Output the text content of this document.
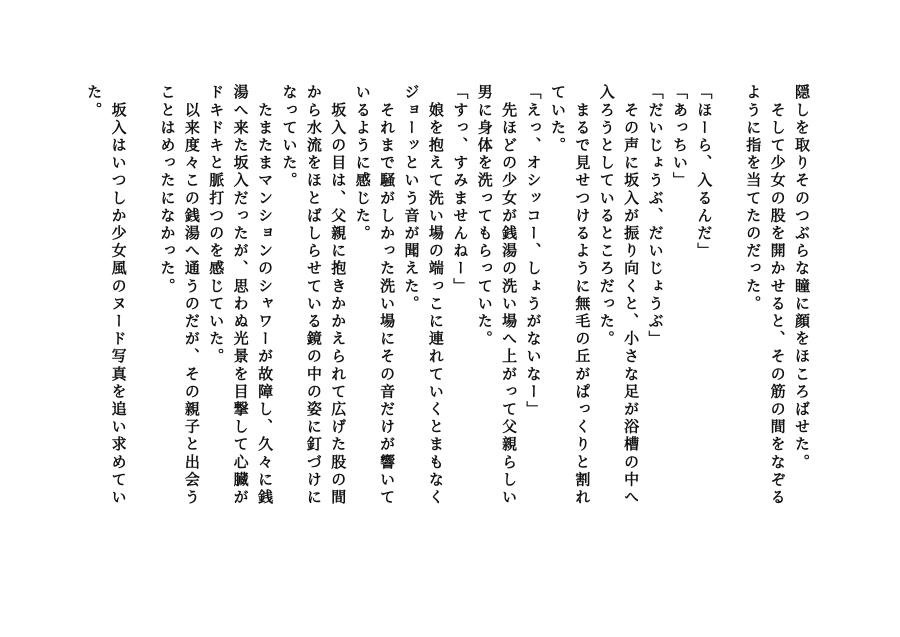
隠しを取りそのつぶらな瞳に顔をほころばせた。
　そして少女の股を開かせると、その筋の間をなぞる
ように指を当てたのだった。
「ほーら、入るんだ」
「あっちい」
「だいじょうぶ、だいじょうぶ」
　その声に坂入が振り向くと、小さな足が浴槽の中へ
入ろうとしているところだった。
　まるで見せつけるように無毛の丘がぱっくりと割れ
ていた。
「えっ、オシッコー、しょうがないなー」
　先ほどの少女が銭湯の洗い場へ上がって父親らしい
男に身体を洗ってもらっていた。
「すっ、すみませんねー」
　娘を抱えて洗い場の端っこに連れていくとまもなく
ジョーッという音が聞えた。
　それまで騒がしかった洗い場にその音だけが響いて
いるように感じた。
　坂入の目は、父親に抱きかかえられて広げた股の間
から水流をほとばしらせている鏡の中の姿に釘づけに
なっていた。
　たまたまマンションのシャワーが故障し、久々に銭
湯へ来た坂入だったが、思わぬ光景を目撃して心臓が
ドキドキと脈打つのを感じていた。
　以来度々この銭湯へ通うのだが、その親子と出会う
ことはめったになかった。
　坂入はいつしか少女風のヌード写真を追い求めてい
た。
